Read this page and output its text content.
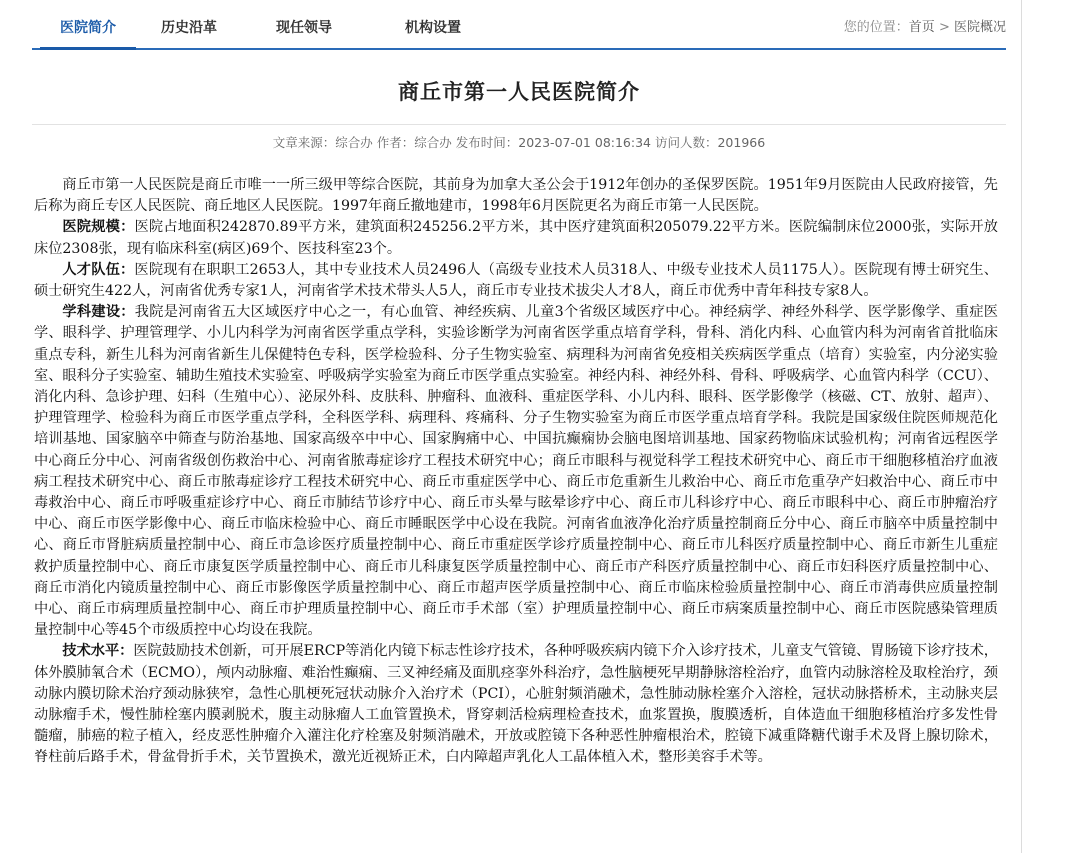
医院简介	历史沿革	现任领导	机构设置	您的位置：首页 > 医院概况
商丘市第一人民医院简介
文章来源：综合办 作者：综合办 发布时间：2023-07-01 08:16:34 访问人数：201966

商丘市第一人民医院是商丘市唯一一所三级甲等综合医院，其前身为加拿大圣公会于1912年创办的圣保罗医院。1951年9月医院由人民政府接管，先后称为商丘专区人民医院、商丘地区人民医院。1997年商丘撤地建市，1998年6月医院更名为商丘市第一人民医院。

医院规模：医院占地面积242870.89平方米，建筑面积245256.2平方米，其中医疗建筑面积205079.22平方米。医院编制床位2000张，实际开放床位2308张，现有临床科室(病区)69个、医技科室23个。

人才队伍：医院现有在职职工2653人，其中专业技术人员2496人（高级专业技术人员318人、中级专业技术人员1175人）。医院现有博士研究生、硕士研究生422人，河南省优秀专家1人，河南省学术技术带头人5人，商丘市专业技术拔尖人才8人，商丘市优秀中青年科技专家8人。

学科建设：我院是河南省五大区域医疗中心之一，有心血管、神经疾病、儿童3个省级区域医疗中心。神经病学、神经外科学、医学影像学、重症医学、眼科学、护理管理学、小儿内科学为河南省医学重点学科，实验诊断学为河南省医学重点培育学科，骨科、消化内科、心血管内科为河南省首批临床重点专科，新生儿科为河南省新生儿保健特色专科，医学检验科、分子生物实验室、病理科为河南省免疫相关疾病医学重点（培育）实验室，内分泌实验室、眼科分子实验室、辅助生殖技术实验室、呼吸病学实验室为商丘市医学重点实验室。神经内科、神经外科、骨科、呼吸病学、心血管内科学（CCU）、消化内科、急诊护理、妇科（生殖中心）、泌尿外科、皮肤科、肿瘤科、血液科、重症医学科、小儿内科、眼科、医学影像学（核磁、CT、放射、超声）、护理管理学、检验科为商丘市医学重点学科，全科医学科、病理科、疼痛科、分子生物实验室为商丘市医学重点培育学科。我院是国家级住院医师规范化培训基地、国家脑卒中筛查与防治基地、国家高级卒中中心、国家胸痛中心、中国抗癫痫协会脑电图培训基地、国家药物临床试验机构；河南省远程医学中心商丘分中心、河南省级创伤救治中心、河南省脓毒症诊疗工程技术研究中心；商丘市眼科与视觉科学工程技术研究中心、商丘市干细胞移植治疗血液病工程技术研究中心、商丘市脓毒症诊疗工程技术研究中心、商丘市重症医学中心、商丘市危重新生儿救治中心、商丘市危重孕产妇救治中心、商丘市中毒救治中心、商丘市呼吸重症诊疗中心、商丘市肺结节诊疗中心、商丘市头晕与眩晕诊疗中心、商丘市儿科诊疗中心、商丘市眼科中心、商丘市肿瘤治疗中心、商丘市医学影像中心、商丘市临床检验中心、商丘市睡眠医学中心设在我院。河南省血液净化治疗质量控制商丘分中心、商丘市脑卒中质量控制中心、商丘市肾脏病质量控制中心、商丘市急诊医疗质量控制中心、商丘市重症医学诊疗质量控制中心、商丘市儿科医疗质量控制中心、商丘市新生儿重症救护质量控制中心、商丘市康复医学质量控制中心、商丘市儿科康复医学质量控制中心、商丘市产科医疗质量控制中心、商丘市妇科医疗质量控制中心、商丘市消化内镜质量控制中心、商丘市影像医学质量控制中心、商丘市超声医学质量控制中心、商丘市临床检验质量控制中心、商丘市消毒供应质量控制中心、商丘市病理质量控制中心、商丘市护理质量控制中心、商丘市手术部（室）护理质量控制中心、商丘市病案质量控制中心、商丘市医院感染管理质量控制中心等45个市级质控中心均设在我院。

技术水平：医院鼓励技术创新，可开展ERCP等消化内镜下标志性诊疗技术，各种呼吸疾病内镜下介入诊疗技术，儿童支气管镜、胃肠镜下诊疗技术，体外膜肺氧合术（ECMO），颅内动脉瘤、难治性癫痫、三叉神经痛及面肌痉挛外科治疗，急性脑梗死早期静脉溶栓治疗，血管内动脉溶栓及取栓治疗，颈动脉内膜切除术治疗颈动脉狭窄，急性心肌梗死冠状动脉介入治疗术（PCI），心脏射频消融术，急性肺动脉栓塞介入溶栓，冠状动脉搭桥术，主动脉夹层动脉瘤手术，慢性肺栓塞内膜剥脱术，腹主动脉瘤人工血管置换术，肾穿刺活检病理检查技术，血浆置换，腹膜透析，自体造血干细胞移植治疗多发性骨髓瘤，肺癌的粒子植入，经皮恶性肿瘤介入灌注化疗栓塞及射频消融术，开放或腔镜下各种恶性肿瘤根治术，腔镜下减重降糖代谢手术及肾上腺切除术，脊柱前后路手术，骨盆骨折手术，关节置换术，激光近视矫正术，白内障超声乳化人工晶体植入术，整形美容手术等。
